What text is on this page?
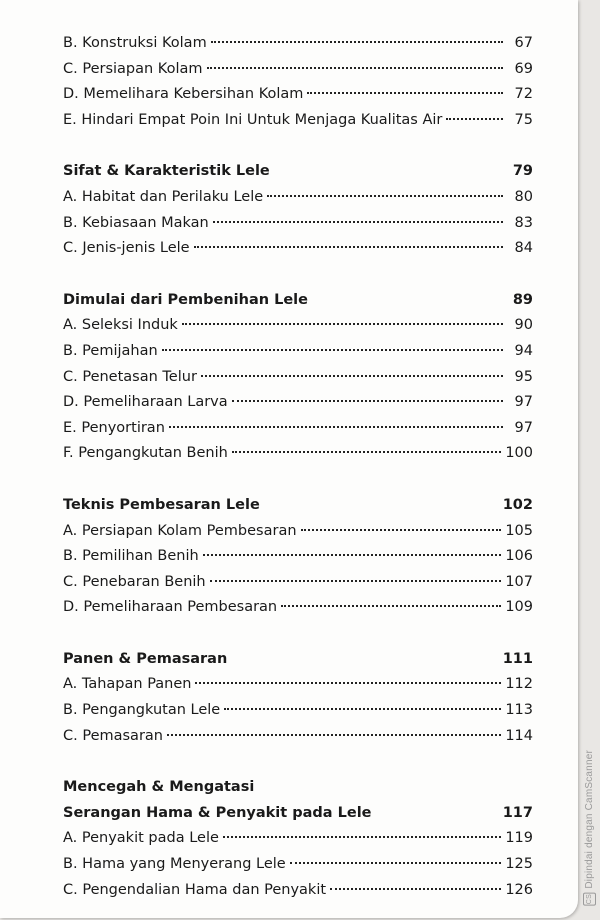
B. Konstruksi Kolam	67
C. Persiapan Kolam	69
D. Memelihara Kebersihan Kolam	72
E. Hindari Empat Poin Ini Untuk Menjaga Kualitas Air	75
Sifat & Karakteristik Lele	79
A. Habitat dan Perilaku Lele	80
B. Kebiasaan Makan	83
C. Jenis-jenis Lele	84
Dimulai dari Pembenihan Lele	89
A. Seleksi Induk	90
B. Pemijahan	94
C. Penetasan Telur	95
D. Pemeliharaan Larva	97
E. Penyortiran	97
F. Pengangkutan Benih	100
Teknis Pembesaran Lele	102
A. Persiapan Kolam Pembesaran	105
B. Pemilihan Benih	106
C. Penebaran Benih	107
D. Pemeliharaan Pembesaran	109
Panen & Pemasaran	111
A. Tahapan Panen	112
B. Pengangkutan Lele	113
C. Pemasaran	114
Mencegah & Mengatasi
Serangan Hama & Penyakit pada Lele	117
A. Penyakit pada Lele	119
B. Hama yang Menyerang Lele	125
C. Pengendalian Hama dan Penyakit	126
CS
Dipindai dengan CamScanner
